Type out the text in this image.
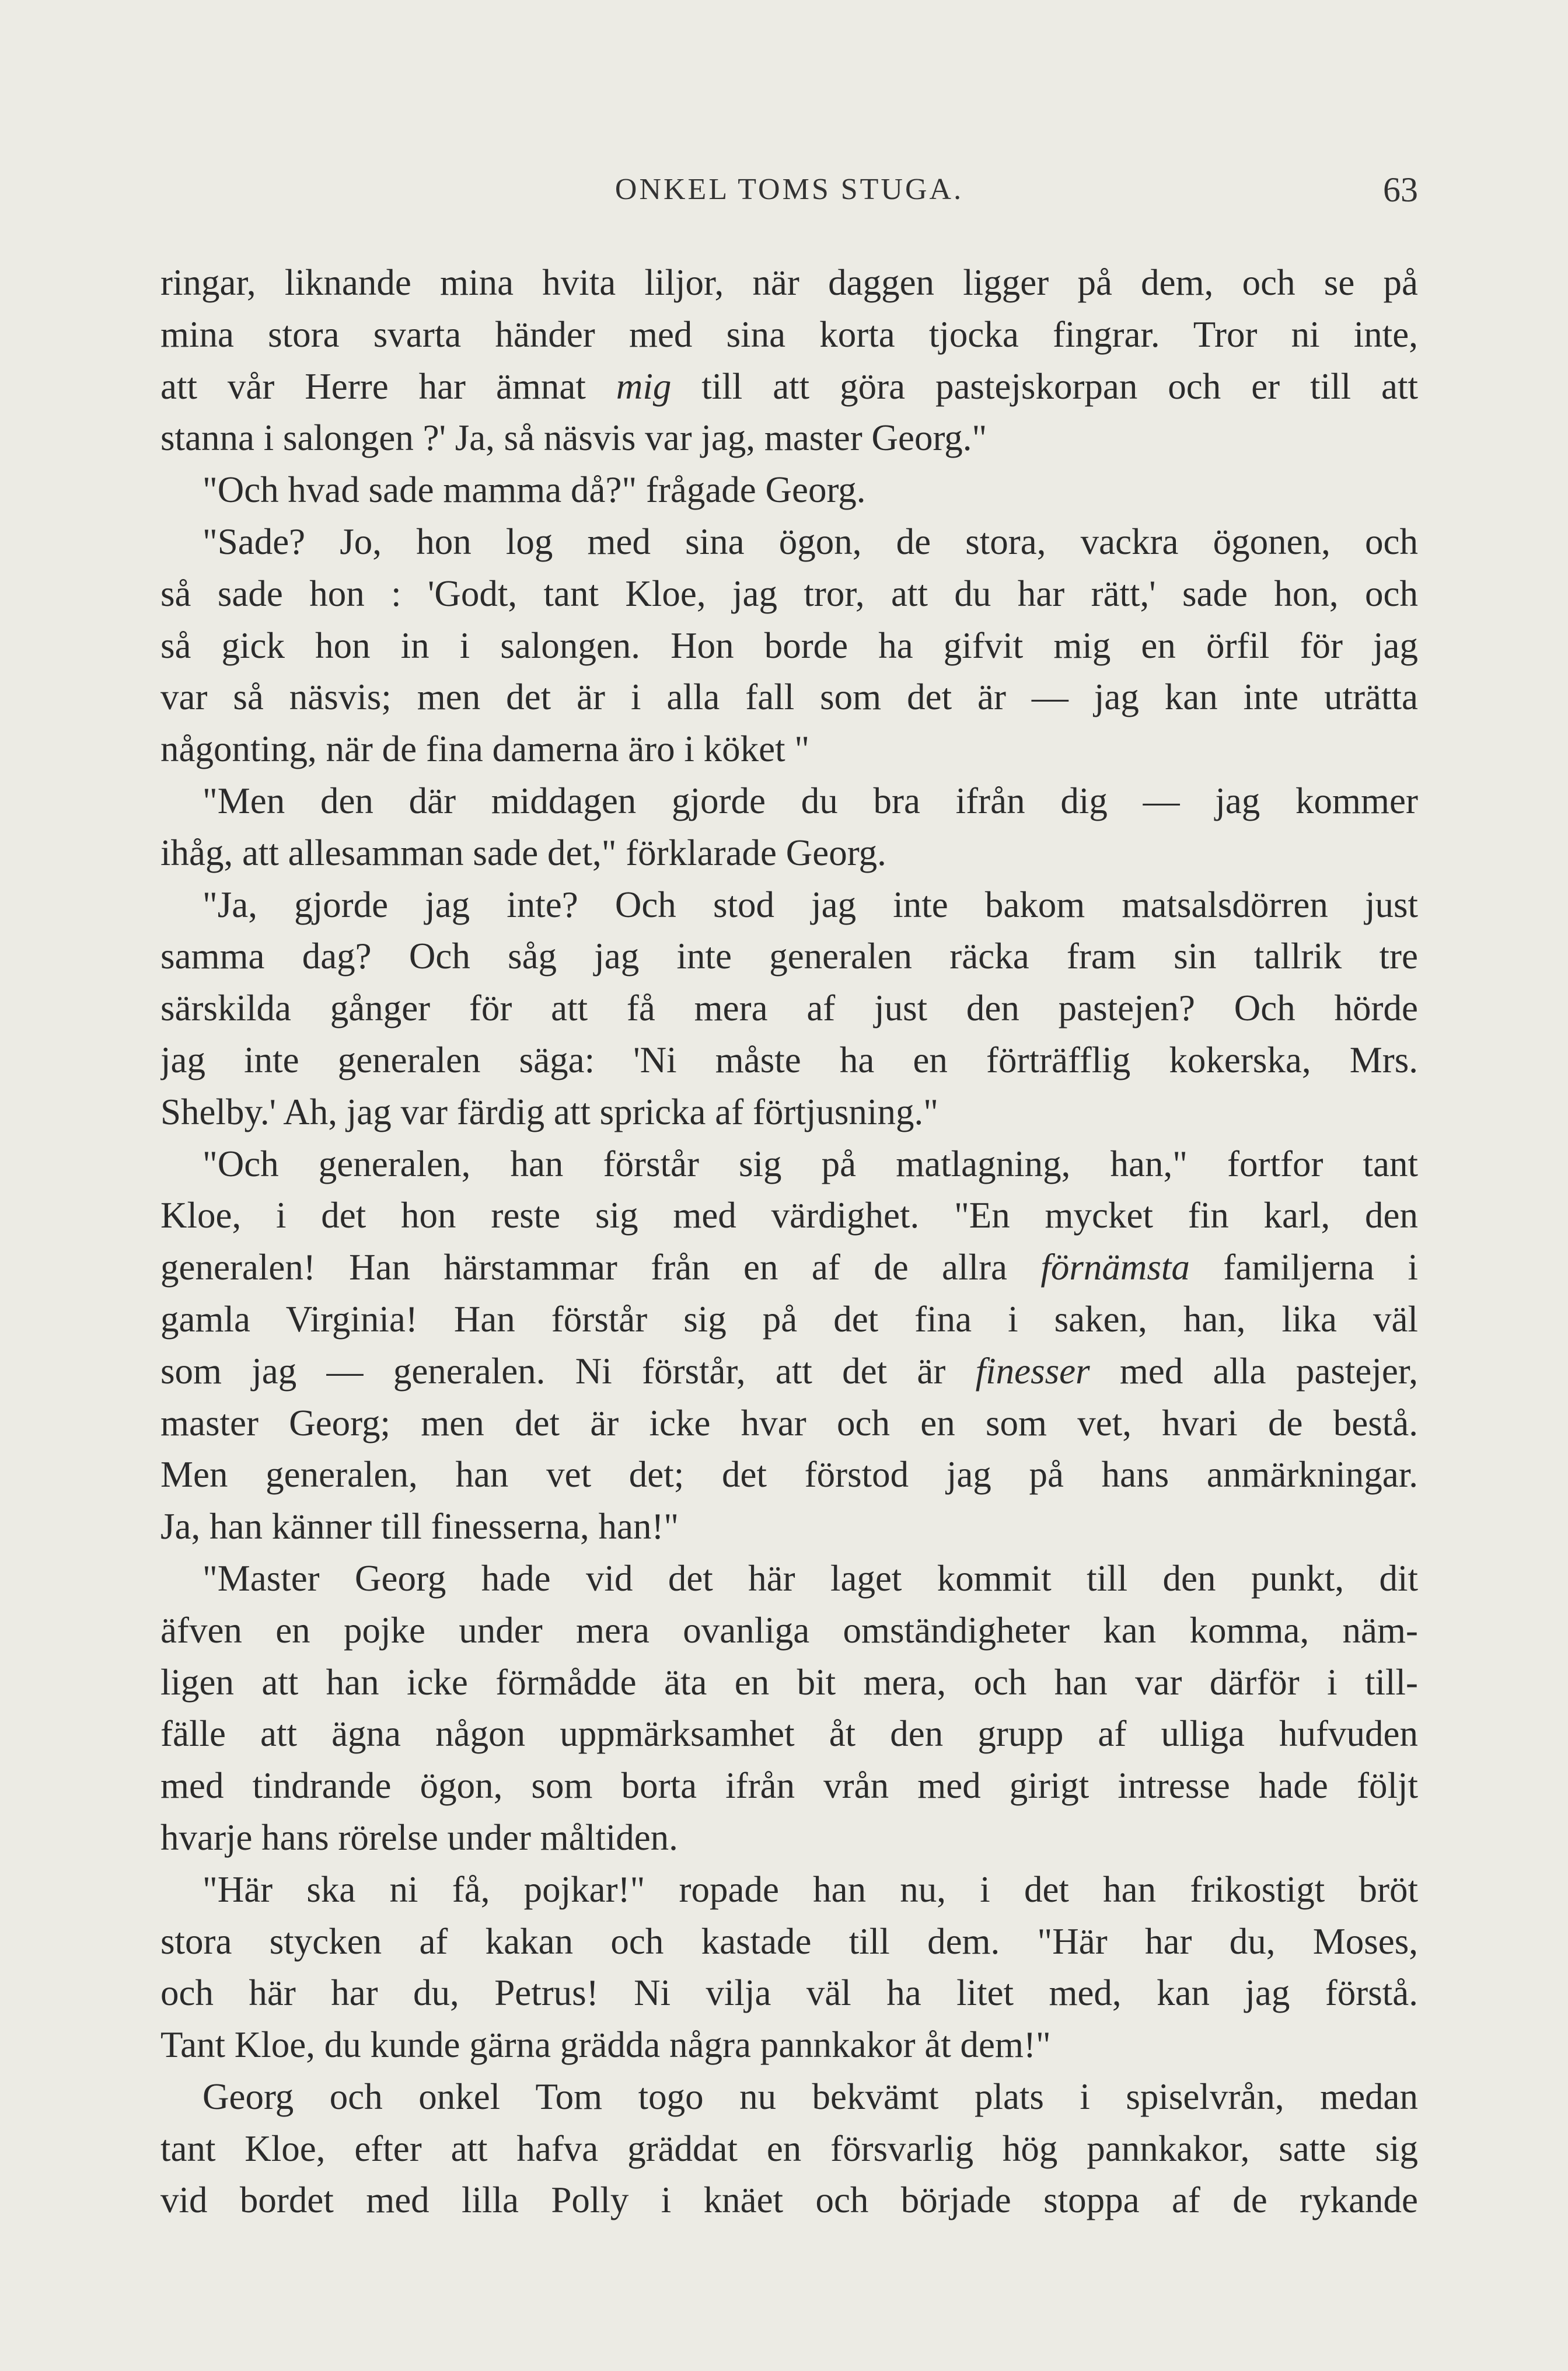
ONKEL TOMS STUGA.	63
ringar, liknande mina hvita liljor, när daggen ligger på dem, och se på
mina stora svarta händer med sina korta tjocka fingrar. Tror ni inte,
att vår Herre har ämnat mig till att göra pastejskorpan och er till att
stanna i salongen ?' Ja, så näsvis var jag, master Georg."
"Och hvad sade mamma då?" frågade Georg.
"Sade? Jo, hon log med sina ögon, de stora, vackra ögonen, och
så sade hon : 'Godt, tant Kloe, jag tror, att du har rätt,' sade hon, och
så gick hon in i salongen. Hon borde ha gifvit mig en örfil för jag
var så näsvis; men det är i alla fall som det är — jag kan inte uträtta
någonting, när de fina damerna äro i köket "
"Men den där middagen gjorde du bra ifrån dig — jag kommer
ihåg, att allesamman sade det," förklarade Georg.
"Ja, gjorde jag inte? Och stod jag inte bakom matsalsdörren just
samma dag? Och såg jag inte generalen räcka fram sin tallrik tre
särskilda gånger för att få mera af just den pastejen? Och hörde
jag inte generalen säga: 'Ni måste ha en förträfflig kokerska, Mrs.
Shelby.' Ah, jag var färdig att spricka af förtjusning."
"Och generalen, han förstår sig på matlagning, han," fortfor tant
Kloe, i det hon reste sig med värdighet. "En mycket fin karl, den
generalen! Han härstammar från en af de allra förnämsta familjerna i
gamla Virginia! Han förstår sig på det fina i saken, han, lika väl
som jag — generalen. Ni förstår, att det är finesser med alla pastejer,
master Georg; men det är icke hvar och en som vet, hvari de bestå.
Men generalen, han vet det; det förstod jag på hans anmärkningar.
Ja, han känner till finesserna, han!"
"Master Georg hade vid det här laget kommit till den punkt, dit
äfven en pojke under mera ovanliga omständigheter kan komma, näm-
ligen att han icke förmådde äta en bit mera, och han var därför i till-
fälle att ägna någon uppmärksamhet åt den grupp af ulliga hufvuden
med tindrande ögon, som borta ifrån vrån med girigt intresse hade följt
hvarje hans rörelse under måltiden.
"Här ska ni få, pojkar!" ropade han nu, i det han frikostigt bröt
stora stycken af kakan och kastade till dem. "Här har du, Moses,
och här har du, Petrus! Ni vilja väl ha litet med, kan jag förstå.
Tant Kloe, du kunde gärna grädda några pannkakor åt dem!"
Georg och onkel Tom togo nu bekvämt plats i spiselvrån, medan
tant Kloe, efter att hafva gräddat en försvarlig hög pannkakor, satte sig
vid bordet med lilla Polly i knäet och började stoppa af de rykande
